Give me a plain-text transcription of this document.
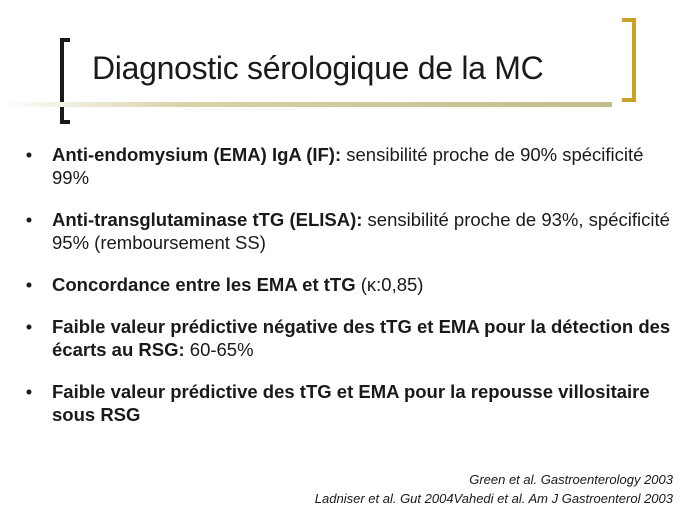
Diagnostic sérologique de la MC
• Anti-endomysium (EMA) IgA (IF): sensibilité proche de 90% spécificité 99%
• Anti-transglutaminase tTG (ELISA): sensibilité proche de 93%, spécificité 95% (remboursement SS)
• Concordance entre les EMA et tTG (κ:0,85)
• Faible valeur prédictive négative des tTG et EMA pour la détection des écarts au RSG: 60-65%
• Faible valeur prédictive des tTG et EMA pour la repousse villositaire sous RSG
Green et al. Gastroenterology 2003
Ladniser et al. Gut 2004Vahedi et al. Am J Gastroenterol 2003
